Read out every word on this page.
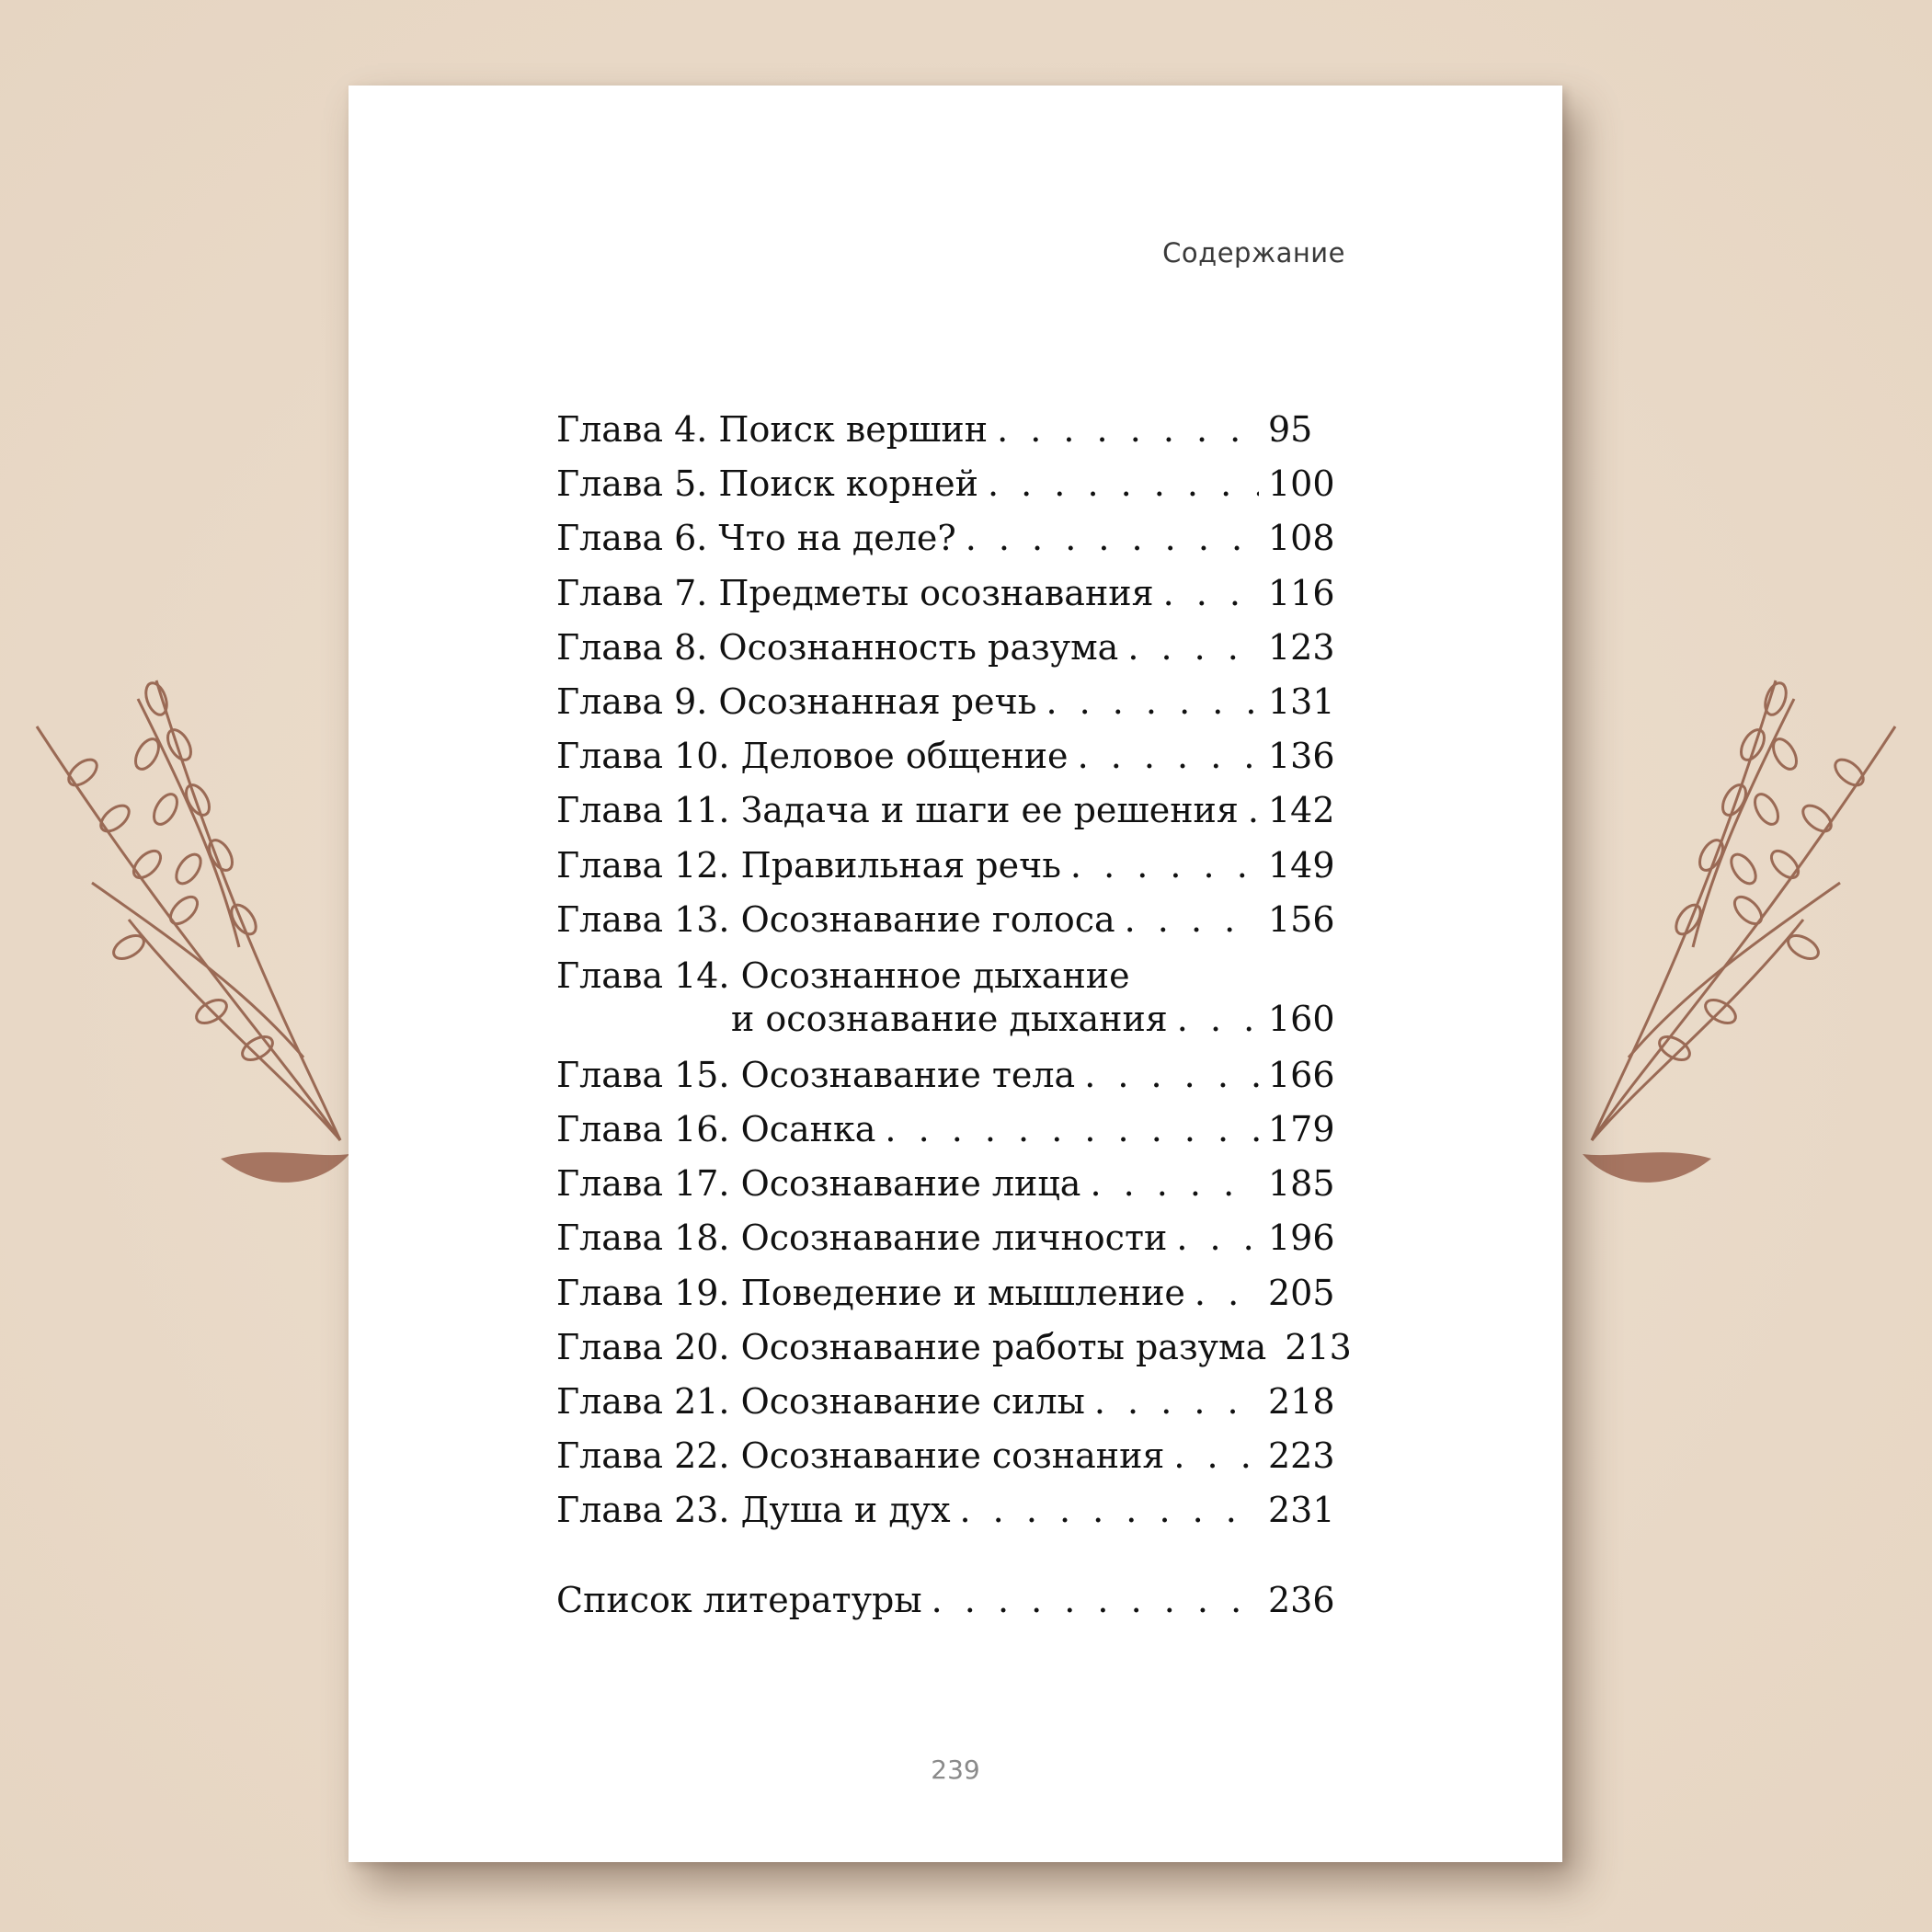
Содержание
Глава 4. Поиск вершин . . .	95
Глава 5. Поиск корней . . .	100
Глава 6. Что на деле? . . .	108
Глава 7. Предметы осознавания . . .	116
Глава 8. Осознанность разума . . .	123
Глава 9. Осознанная речь . . .	131
Глава 10. Деловое общение . . .	136
Глава 11. Задача и шаги ее решения . . . 142
Глава 12. Правильная речь . . .	149
Глава 13. Осознавание голоса . . .	156
Глава 14. Осознанное дыхание
и осознавание дыхания . . .	160
Глава 15. Осознавание тела . . .	166
Глава 16. Осанка . . .	179
Глава 17. Осознавание лица . . .	185
Глава 18. Осознавание личности . . .	196
Глава 19. Поведение и мышление . . . 205
Глава 20. Осознавание работы разума 213
Глава 21. Осознавание силы . . .	218
Глава 22. Осознавание сознания . . .	223
Глава 23. Душа и дух . . .	231
Список литературы . . .	236
239
